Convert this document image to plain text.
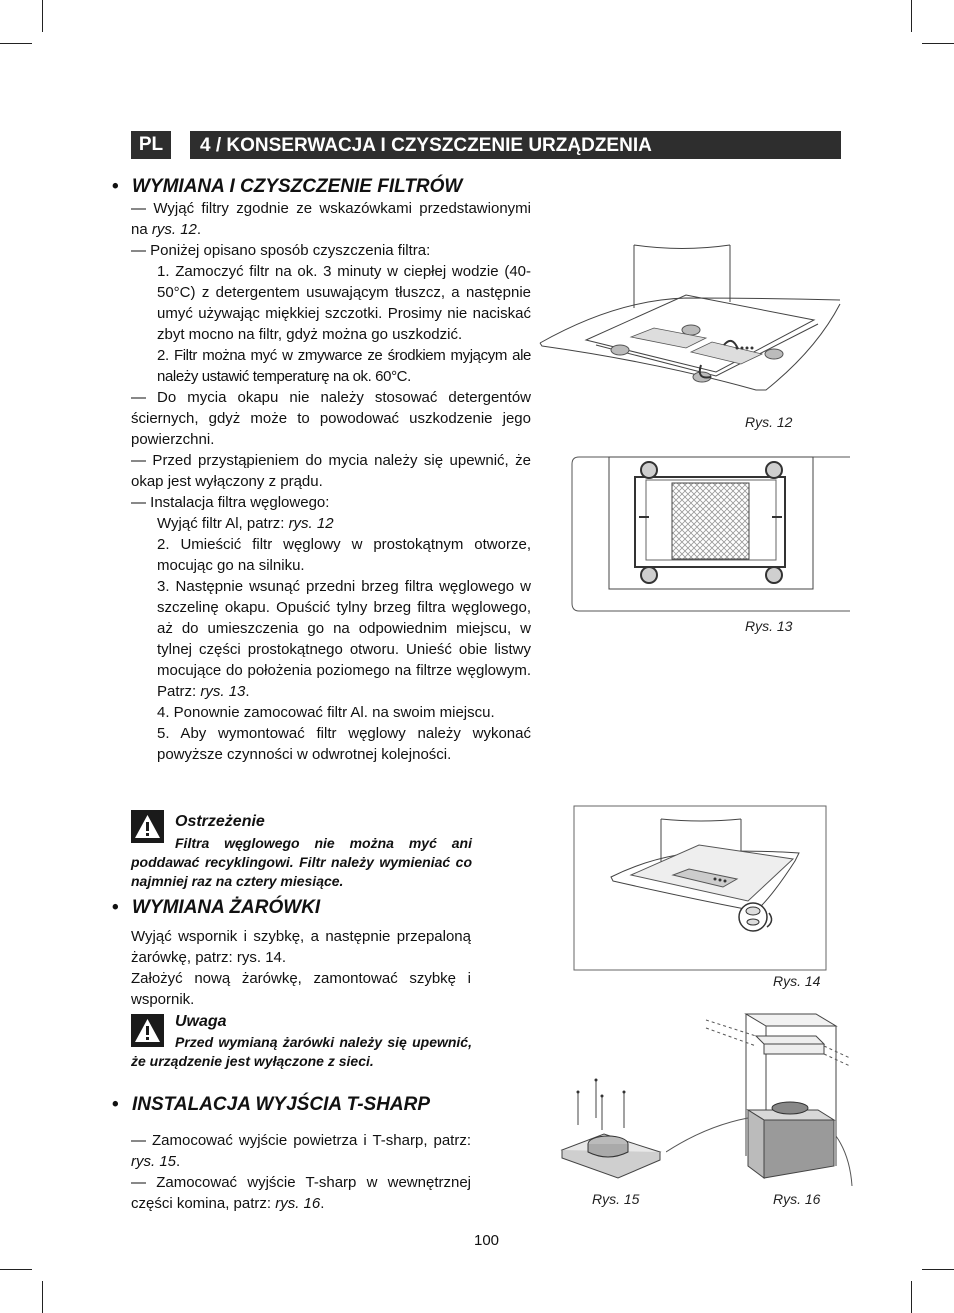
PL	4 / KONSERWACJA I CZYSZCZENIE URZĄDZENIA
• WYMIANA I CZYSZCZENIE FILTRÓW

— Wyjąć filtry zgodnie ze wskazówkami przedstawionymi na rys. 12.

— Poniżej opisano sposób czyszczenia filtra:

1. Zamoczyć filtr na ok. 3 minuty w ciepłej wodzie (40-50°C) z detergentem usuwającym tłuszcz, a następnie umyć używając miękkiej szczotki. Prosimy nie naciskać zbyt mocno na filtr, gdyż można go uszkodzić.

2. Filtr można myć w zmywarce ze środkiem myjącym ale należy ustawić temperaturę na ok. 60°C.

— Do mycia okapu nie należy stosować detergentów ściernych, gdyż może to powodować uszkodzenie jego powierzchni.

— Przed przystąpieniem do mycia należy się upewnić, że okap jest wyłączony z prądu.

— Instalacja filtra węglowego:

Wyjąć filtr Al, patrz: rys. 12

2. Umieścić filtr węglowy w prostokątnym otworze, mocując go na silniku.

3. Następnie wsunąć przedni brzeg filtra węglowego w szczelinę okapu. Opuścić tylny brzeg filtra węglowego, aż do umieszczenia go na odpowiednim miejscu, w tylnej części prostokątnego otworu. Unieść obie listwy mocujące do położenia poziomego na filtrze węglowym. Patrz: rys. 13.

4. Ponownie zamocować filtr Al. na swoim miejscu.

5. Aby wymontować filtr węglowy należy wykonać powyższe czynności w odwrotnej kolejności.

Ostrzeżenie
Filtra węglowego nie można myć ani poddawać recyklingowi. Filtr należy wymieniać co najmniej raz na cztery miesiące.
• WYMIANA ŻARÓWKI

Wyjąć wspornik i szybkę, a następnie przepaloną żarówkę, patrz: rys. 14.

Założyć nową żarówkę, zamontować szybkę i wspornik.

Uwaga
Przed wymianą żarówki należy się upewnić, że urządzenie jest wyłączone z sieci.
• INSTALACJA WYJŚCIA T-SHARP

— Zamocować wyjście powietrza i T-sharp, patrz: rys. 15.

— Zamocować wyjście T-sharp w wewnętrznej części komina, patrz: rys. 16.

Rys. 12
Rys. 13
Rys. 14
Rys. 15	Rys. 16
100
